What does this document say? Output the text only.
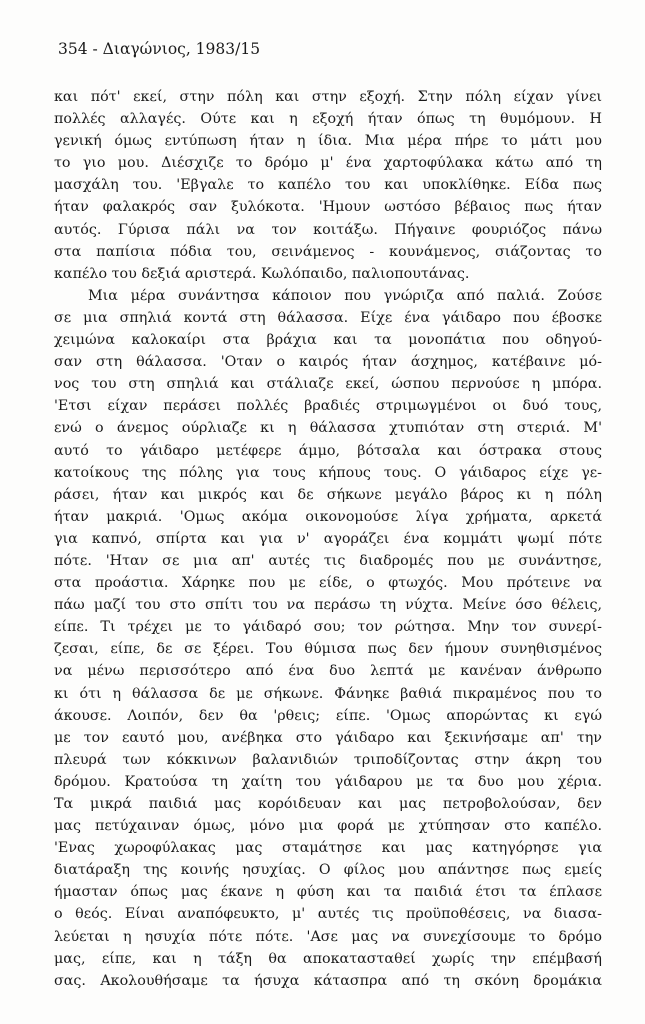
354 - Διαγώνιος, 1983/15
και πότ' εκεί, στην πόλη και στην εξοχή. Στην πόλη είχαν γίνει
πολλές αλλαγές. Ούτε και η εξοχή ήταν όπως τη θυμόμουν. Η
γενική όμως εντύπωση ήταν η ίδια. Μια μέρα πήρε το μάτι μου
το γιο μου. Διέσχιζε το δρόμο μ' ένα χαρτοφύλακα κάτω από τη
μασχάλη του. 'Εβγαλε το καπέλο του και υποκλίθηκε. Είδα πως
ήταν φαλακρός σαν ξυλόκοτα. 'Ημουν ωστόσο βέβαιος πως ήταν
αυτός. Γύρισα πάλι να τον κοιτάξω. Πήγαινε φουριόζος πάνω
στα παπίσια πόδια του, σεινάμενος - κουνάμενος, σιάζοντας το
καπέλο του δεξιά αριστερά. Κωλόπαιδο, παλιοπουτάνας.
Μια μέρα συνάντησα κάποιον που γνώριζα από παλιά. Ζούσε
σε μια σπηλιά κοντά στη θάλασσα. Είχε ένα γάιδαρο που έβοσκε
χειμώνα καλοκαίρι στα βράχια και τα μονοπάτια που οδηγού-
σαν στη θάλασσα. 'Οταν ο καιρός ήταν άσχημος, κατέβαινε μό-
νος του στη σπηλιά και στάλιαζε εκεί, ώσπου περνούσε η μπόρα.
'Ετσι είχαν περάσει πολλές βραδιές στριμωγμένοι οι δυό τους,
ενώ ο άνεμος ούρλιαζε κι η θάλασσα χτυπιόταν στη στεριά. Μ'
αυτό το γάιδαρο μετέφερε άμμο, βότσαλα και όστρακα στους
κατοίκους της πόλης για τους κήπους τους. Ο γάιδαρος είχε γε-
ράσει, ήταν και μικρός και δε σήκωνε μεγάλο βάρος κι η πόλη
ήταν μακριά. 'Ομως ακόμα οικονομούσε λίγα χρήματα, αρκετά
για καπνό, σπίρτα και για ν' αγοράζει ένα κομμάτι ψωμί πότε
πότε. 'Ηταν σε μια απ' αυτές τις διαδρομές που με συνάντησε,
στα προάστια. Χάρηκε που με είδε, ο φτωχός. Μου πρότεινε να
πάω μαζί του στο σπίτι του να περάσω τη νύχτα. Μείνε όσο θέλεις,
είπε. Τι τρέχει με το γάιδαρό σου; τον ρώτησα. Μην τον συνερί-
ζεσαι, είπε, δε σε ξέρει. Του θύμισα πως δεν ήμουν συνηθισμένος
να μένω περισσότερο από ένα δυο λεπτά με κανέναν άνθρωπο
κι ότι η θάλασσα δε με σήκωνε. Φάνηκε βαθιά πικραμένος που το
άκουσε. Λοιπόν, δεν θα 'ρθεις; είπε. 'Ομως απορώντας κι εγώ
με τον εαυτό μου, ανέβηκα στο γάιδαρο και ξεκινήσαμε απ' την
πλευρά των κόκκινων βαλανιδιών τριποδίζοντας στην άκρη του
δρόμου. Κρατούσα τη χαίτη του γάιδαρου με τα δυο μου χέρια.
Τα μικρά παιδιά μας κορόιδευαν και μας πετροβολούσαν, δεν
μας πετύχαιναν όμως, μόνο μια φορά με χτύπησαν στο καπέλο.
'Ενας χωροφύλακας μας σταμάτησε και μας κατηγόρησε για
διατάραξη της κοινής ησυχίας. Ο φίλος μου απάντησε πως εμείς
ήμασταν όπως μας έκανε η φύση και τα παιδιά έτσι τα έπλασε
ο θεός. Είναι αναπόφευκτο, μ' αυτές τις προϋποθέσεις, να διασα-
λεύεται η ησυχία πότε πότε. 'Ασε μας να συνεχίσουμε το δρόμο
μας, είπε, και η τάξη θα αποκατασταθεί χωρίς την επέμβασή
σας. Ακολουθήσαμε τα ήσυχα κάτασπρα από τη σκόνη δρομάκια
